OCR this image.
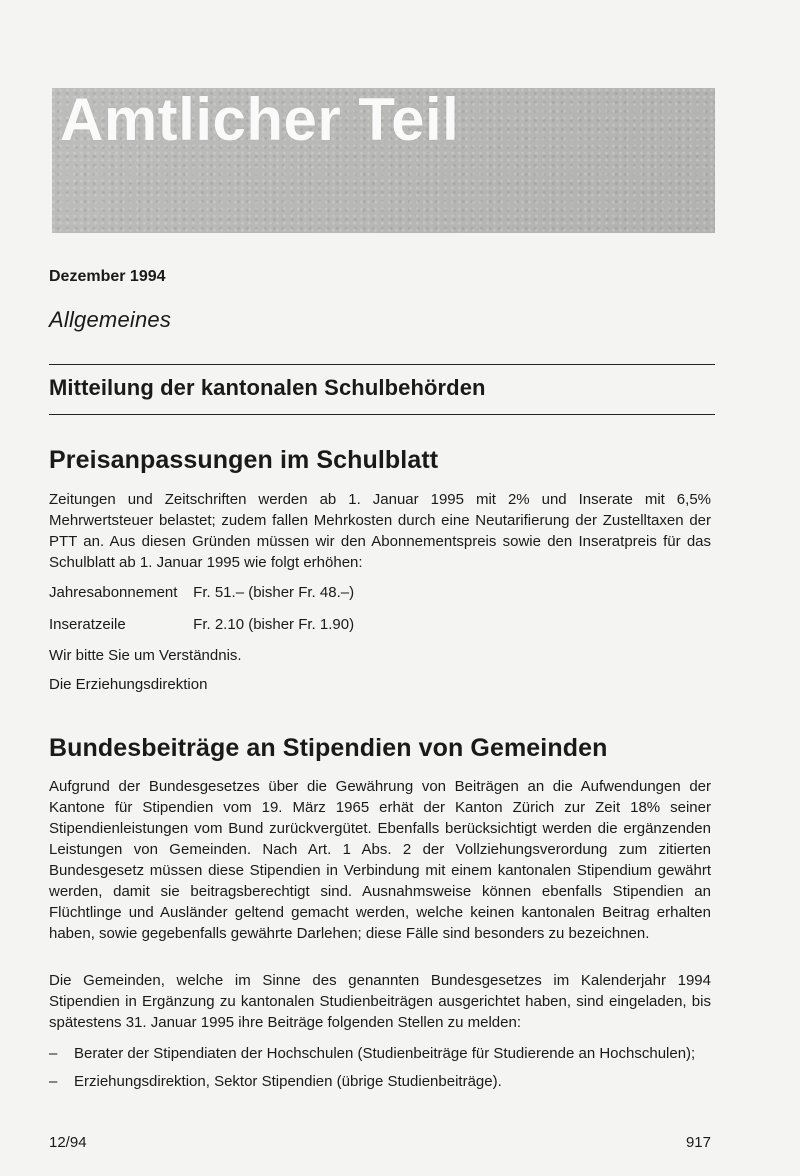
Amtlicher Teil

Dezember 1994

Allgemeines
Mitteilung der kantonalen Schulbehörden
Preisanpassungen im Schulblatt

Zeitungen und Zeitschriften werden ab 1. Januar 1995 mit 2% und Inserate mit 6,5% Mehrwertsteuer belastet; zudem fallen Mehrkosten durch eine Neutarifierung der Zustelltaxen der PTT an. Aus diesen Gründen müssen wir den Abonnementspreis sowie den Inseratpreis für das Schulblatt ab 1. Januar 1995 wie folgt erhöhen:

Jahresabonnement Fr. 51.– (bisher Fr. 48.–)
Inseratzeile	Fr. 2.10 (bisher Fr. 1.90)

Wir bitte Sie um Verständnis.

Die Erziehungsdirektion

Bundesbeiträge an Stipendien von Gemeinden

Aufgrund der Bundesgesetzes über die Gewährung von Beiträgen an die Aufwendungen der Kantone für Stipendien vom 19. März 1965 erhät der Kanton Zürich zur Zeit 18% seiner Stipendienleistungen vom Bund zurückvergütet. Ebenfalls berücksichtigt werden die ergänzenden Leistungen von Gemeinden. Nach Art. 1 Abs. 2 der Vollziehungsverordung zum zitierten Bundesgesetz müssen diese Stipendien in Verbindung mit einem kantonalen Stipendium gewährt werden, damit sie beitragsberechtigt sind. Ausnahmsweise können ebenfalls Stipendien an Flüchtlinge und Ausländer geltend gemacht werden, welche keinen kantonalen Beitrag erhalten haben, sowie gegebenfalls gewährte Darlehen; diese Fälle sind besonders zu bezeichnen.

Die Gemeinden, welche im Sinne des genannten Bundesgesetzes im Kalenderjahr 1994 Stipendien in Ergänzung zu kantonalen Studienbeiträgen ausgerichtet haben, sind eingeladen, bis spätestens 31. Januar 1995 ihre Beiträge folgenden Stellen zu melden:

– Berater der Stipendiaten der Hochschulen (Studienbeiträge für Studierende an Hochschulen);
– Erziehungsdirektion, Sektor Stipendien (übrige Studienbeiträge).

12/94	917
